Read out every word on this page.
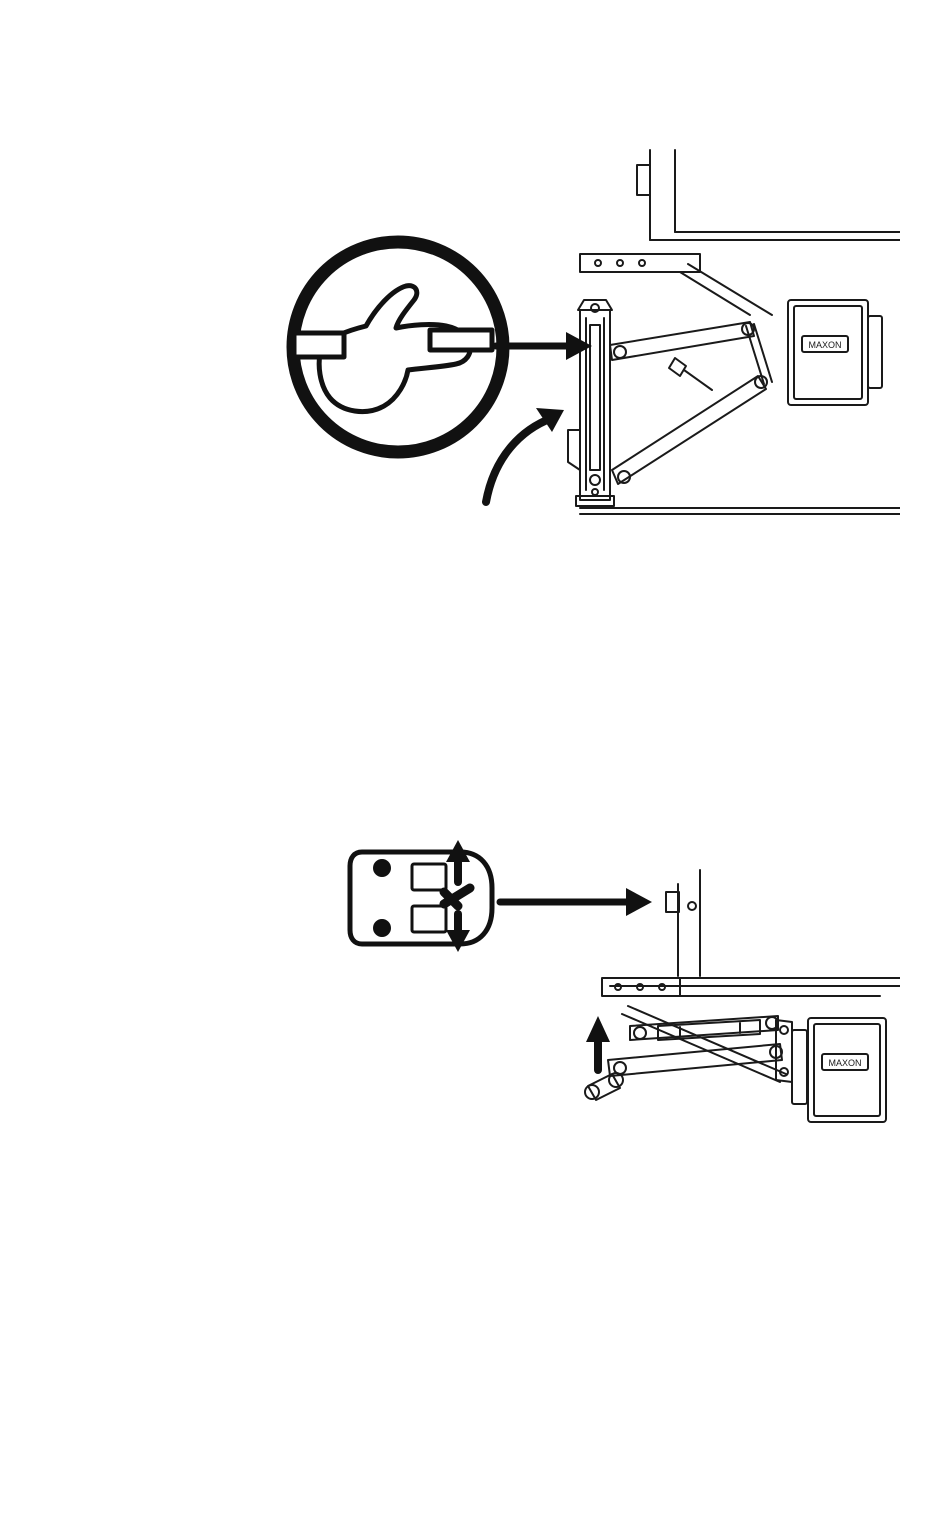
MAXON
MAXON
